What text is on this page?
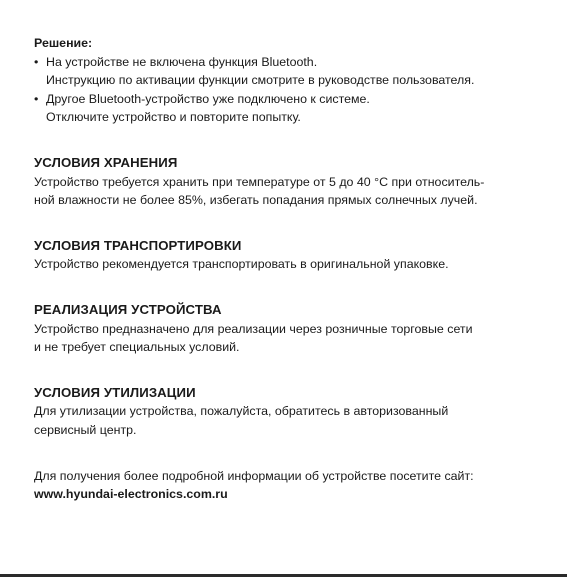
Решение:

• На устройстве не включена функция Bluetooth.
Инструкцию по активации функции смотрите в руководстве пользователя.
• Другое Bluetooth-устройство уже подключено к системе.
Отключите устройство и повторите попытку.

УСЛОВИЯ ХРАНЕНИЯ

Устройство требуется хранить при температуре от 5 до 40 °С при относитель-
ной влажности не более 85%, избегать попадания прямых солнечных лучей.

УСЛОВИЯ ТРАНСПОРТИРОВКИ

Устройство рекомендуется транспортировать в оригинальной упаковке.

РЕАЛИЗАЦИЯ УСТРОЙСТВА

Устройство предназначено для реализации через розничные торговые сети
и не требует специальных условий.

УСЛОВИЯ УТИЛИЗАЦИИ

Для утилизации устройства, пожалуйста, обратитесь в авторизованный
сервисный центр.
Для получения более подробной информации об устройстве посетите сайт:
www.hyundai-electronics.com.ru
